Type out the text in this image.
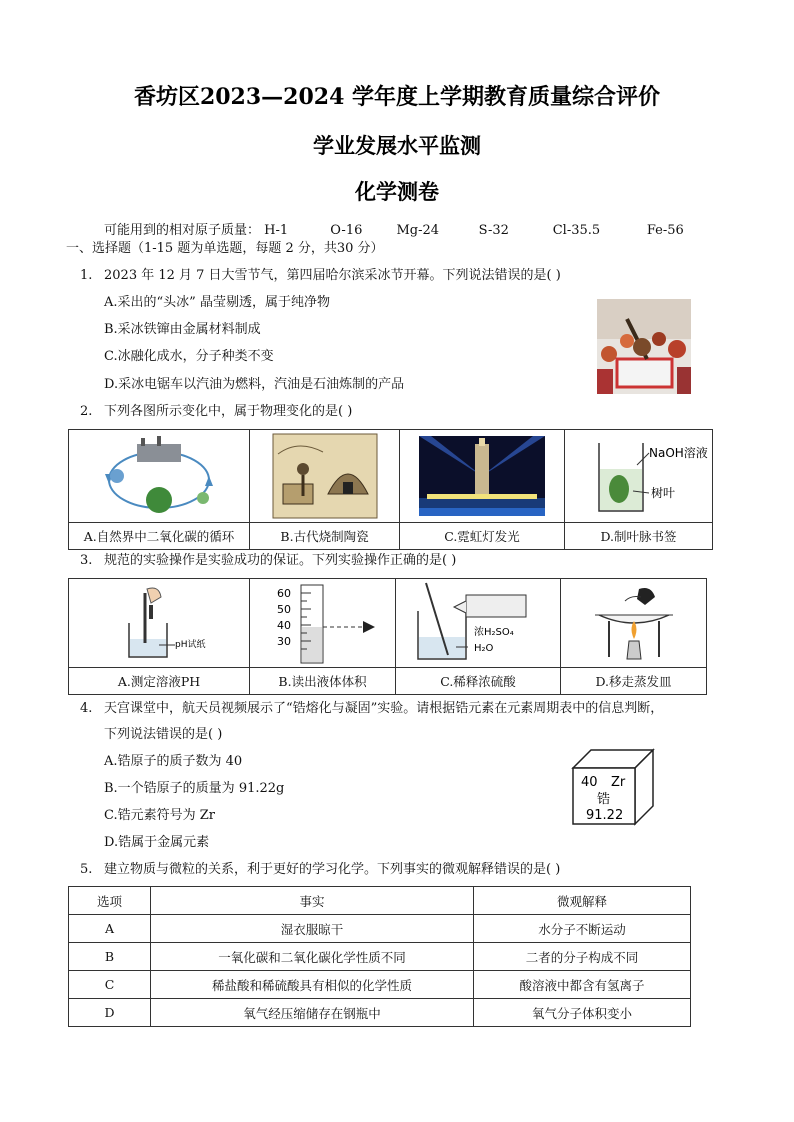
香坊区2023—2024 学年度上学期教育质量综合评价
学业发展水平监测
化学测卷
可能用到的相对原子质量： H-1	O-16	Mg-24	S-32	Cl-35.5	Fe-56
一、选择题（1-15 题为单选题，每题 2 分，共30 分）
1. 2023 年 12 月 7 日大雪节气，第四届哈尔滨采冰节开幕。下列说法错误的是( )
A.采出的“头冰” 晶莹剔透，属于纯净物
B.采冰铁镩由金属材料制成
C.冰融化成水，分子种类不变
D.采冰电锯车以汽油为燃料，汽油是石油炼制的产品
2. 下列各图所示变化中，属于物理变化的是( )

NaOH溶液
树叶

A.自然界中二氧化碳的循环	B.古代烧制陶瓷	C.霓虹灯发光	D.制叶脉书签
3. 规范的实验操作是实验成功的保证。下列实验操作正确的是( )
pH试纸	60
50
40
30	浓H₂SO₄
H₂O

A.测定溶液PH	B.读出液体体积	C.稀释浓硫酸	D.移走蒸发皿
4. 天宫课堂中，航天员视频展示了“锆熔化与凝固”实验。请根据锆元素在元素周期表中的信息判断，
下列说法错误的是( )
A.锆原子的质子数为 40
B.一个锆原子的质量为 91.22g
C.锆元素符号为 Zr
D.锆属于金属元素
40 Zr
锆
91.22
5. 建立物质与微粒的关系，利于更好的学习化学。下列事实的微观解释错误的是( )
选项	事实	微观解释
A	湿衣服晾干	水分子不断运动
B	一氧化碳和二氧化碳化学性质不同	二者的分子构成不同
C	稀盐酸和稀硫酸具有相似的化学性质	酸溶液中都含有氢离子
D	氧气经压缩储存在钢瓶中	氧气分子体积变小
